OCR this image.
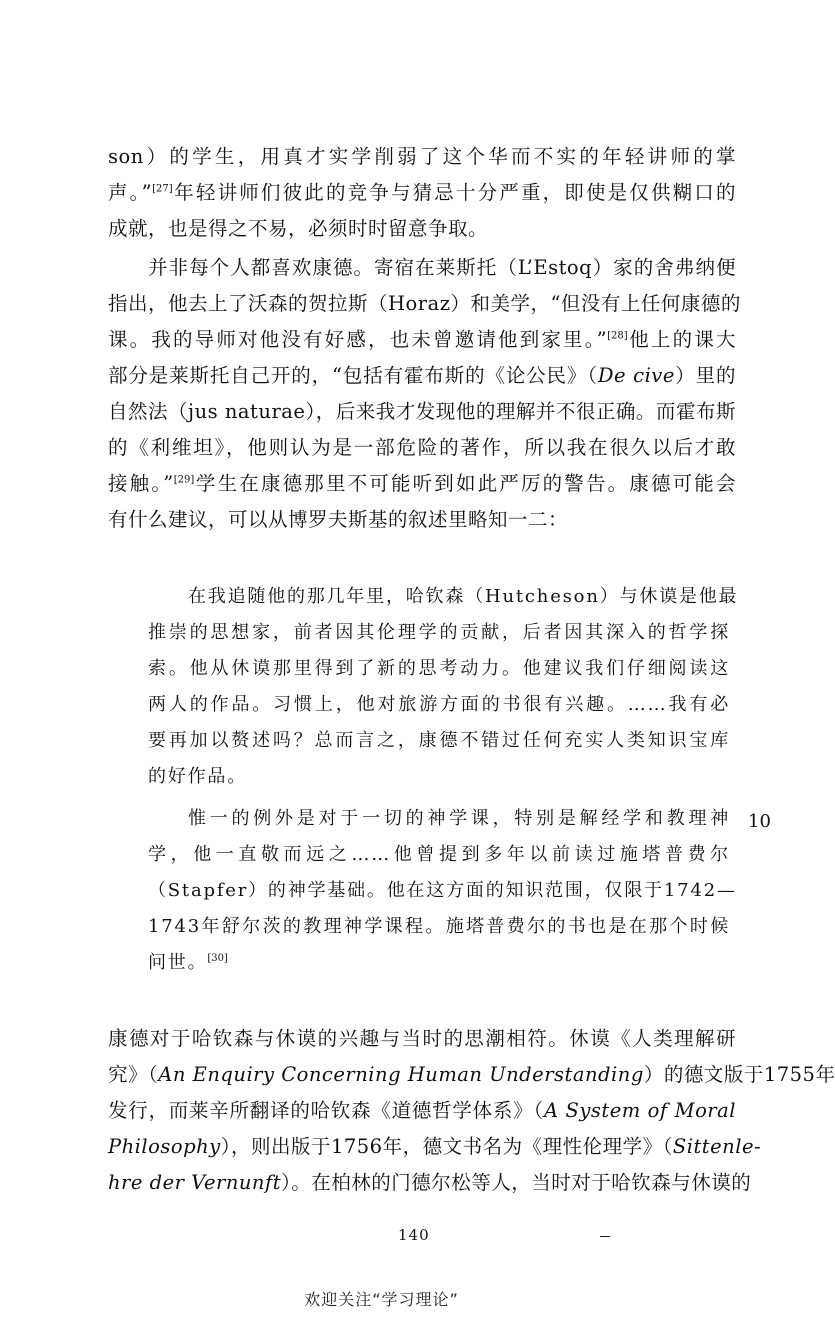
son）的学生，用真才实学削弱了这个华而不实的年轻讲师的掌
声。”[27]年轻讲师们彼此的竞争与猜忌十分严重，即使是仅供糊口的
成就，也是得之不易，必须时时留意争取。
并非每个人都喜欢康德。寄宿在莱斯托（L’Estoq）家的舍弗纳便
指出，他去上了沃森的贺拉斯（Horaz）和美学，“但没有上任何康德的
课。我的导师对他没有好感，也未曾邀请他到家里。”[28]他上的课大
部分是莱斯托自己开的，“包括有霍布斯的《论公民》（De cive）里的
自然法（jus naturae），后来我才发现他的理解并不很正确。而霍布斯
的《利维坦》，他则认为是一部危险的著作，所以我在很久以后才敢
接触。”[29]学生在康德那里不可能听到如此严厉的警告。康德可能会
有什么建议，可以从博罗夫斯基的叙述里略知一二：
在我追随他的那几年里，哈钦森（Hutcheson）与休谟是他最
推崇的思想家，前者因其伦理学的贡献，后者因其深入的哲学探
索。他从休谟那里得到了新的思考动力。他建议我们仔细阅读这
两人的作品。习惯上，他对旅游方面的书很有兴趣。……我有必
要再加以赘述吗？总而言之，康德不错过任何充实人类知识宝库
的好作品。
惟一的例外是对于一切的神学课，特别是解经学和教理神
学，他一直敬而远之……他曾提到多年以前读过施塔普费尔
（Stapfer）的神学基础。他在这方面的知识范围，仅限于1742—
1743年舒尔茨的教理神学课程。施塔普费尔的书也是在那个时候
问世。[30]
10
康德对于哈钦森与休谟的兴趣与当时的思潮相符。休谟《人类理解研
究》（An Enquiry Concerning Human Understanding）的德文版于1755年
发行，而莱辛所翻译的哈钦森《道德哲学体系》（A System of Moral
Philosophy），则出版于1756年，德文书名为《理性伦理学》（Sittenle-
hre der Vernunft）。在柏林的门德尔松等人，当时对于哈钦森与休谟的
140
欢迎关注“学习理论”
